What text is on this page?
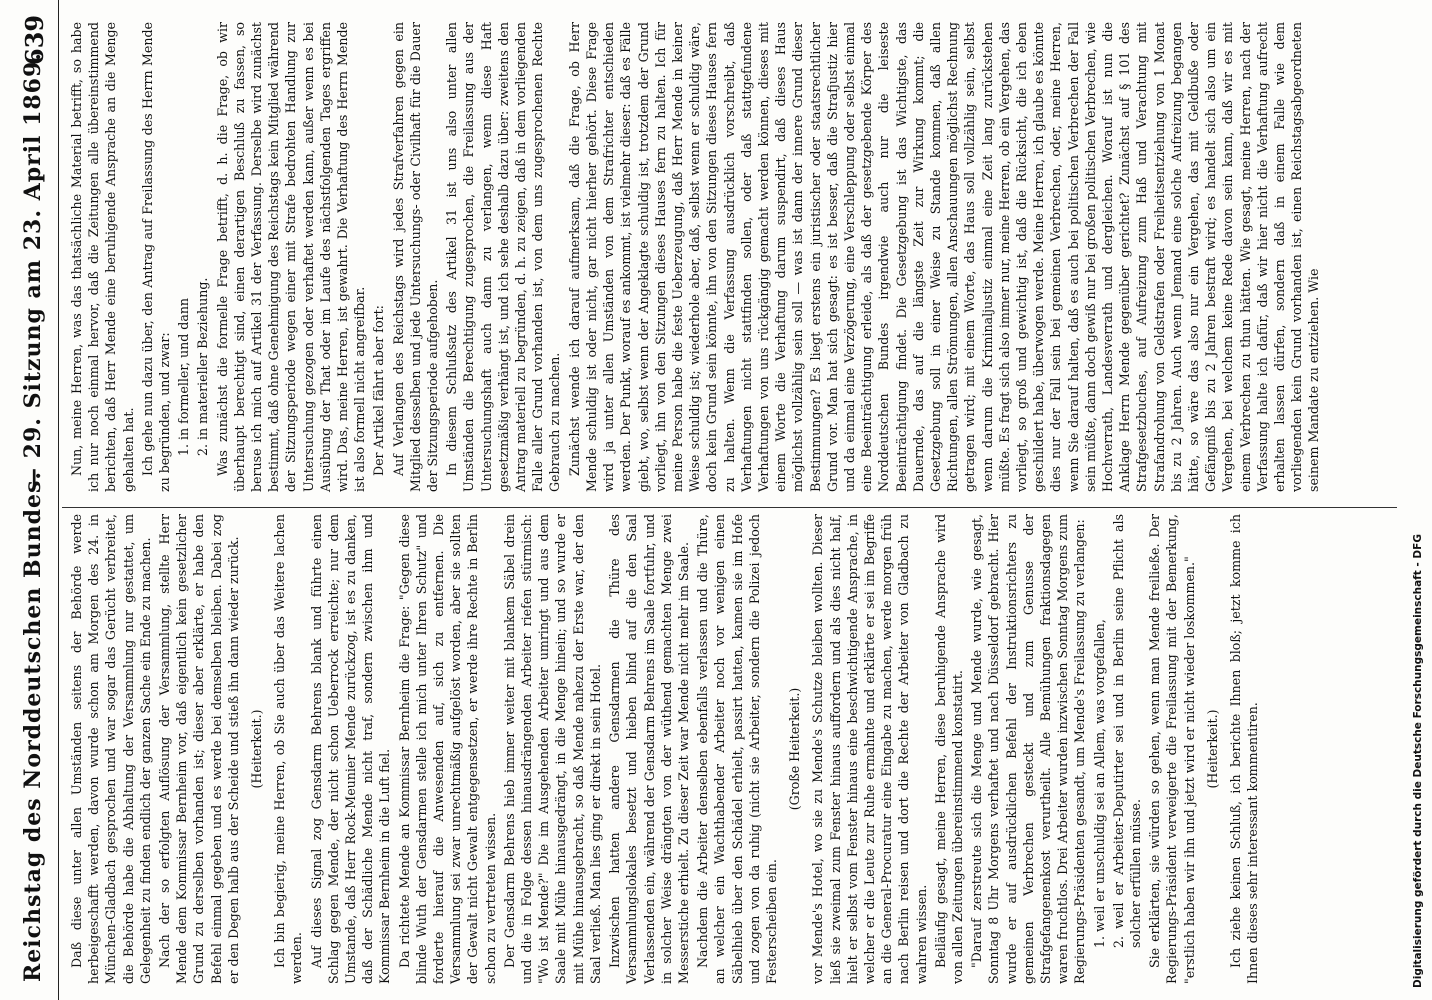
Reichstag des Norddeutschen Bundes.
— 29. Sitzung am 23. April 1869.
639

Daß diese unter allen Umständen seitens der Behörde werde herbeigeschafft werden, davon wurde schon am Morgen des 24. in München-Gladbach gesprochen und war sogar das Gerücht verbreitet, die Behörde habe die Abhaltung der Versammlung nur gestattet, um Gelegenheit zu finden endlich der ganzen Sache ein Ende zu machen. Nach der so erfolgten Auflösung der Versammlung, stellte Herr Mende dem Kommissar Bernheim vor, daß eigentlich kein gesetzlicher Grund zu derselben vorhanden ist; dieser aber erklärte, er habe den Befehl einmal gegeben und es werde bei demselben bleiben. Dabei zog er den Degen halb aus der Scheide und stieß ihn dann wieder zurück. (Heiterkeit.) Ich bin begierig, meine Herren, ob Sie auch über das Weitere lachen werden. Auf dieses Signal zog Gensdarm Behrens blank und führte einen Schlag gegen Mende, der nicht schon Ueberrock erreichte; nur dem Umstande, daß Herr Rock-Meunier Mende zurückzog, ist es zu danken, daß der Schädliche Mende nicht traf, sondern zwischen ihm und Kommissar Bernheim in die Luft fiel. Da richtete Mende an Kommissar Bernheim die Frage: "Gegen diese blinde Wuth der Gensdarmen stelle ich mich unter Ihren Schutz" und forderte hierauf die Anwesenden auf, sich zu entfernen. Die Versammlung sei zwar unrechtmäßig aufgelöst worden, aber sie sollten der Gewalt nicht Gewalt entgegensetzen, er werde ihre Rechte in Berlin schon zu vertreten wissen. Der Gensdarm Behrens hieb immer weiter mit blankem Säbel drein und die in Folge dessen hinausdrängenden Arbeiter riefen stürmisch: "Wo ist Mende?" Die im Ausgehenden Arbeiter umringt und aus dem Saale mit Mühe hinausgedrängt, in die Menge hinein; und so wurde er mit Mühe hinausgebracht, so daß Mende nahezu der Erste war, der den Saal verließ. Man lies ging er direkt in sein Hotel. Inzwischen hatten andere Gensdarmen die Thüre des Versammlungslokales besetzt und hieben blind auf die den Saal Verlassenden ein, während der Gensdarm Behrens im Saale fortfuhr, und in solcher Weise drängten von der wüthend gemachten Menge zwei Messerstiche erhielt. Zu dieser Zeit war Mende nicht mehr im Saale. Nachdem die Arbeiter denselben ebenfalls verlassen und die Thüre, an welcher ein Wachthabender Arbeiter noch vor wenigen einen Säbelhieb über den Schädel erhielt, passirt hatten, kamen sie im Hofe und zogen von da ruhig (nicht sie Arbeiter, sondern die Polizei jedoch Festerscheiben ein.

(Große Heiterkeit.) vor Mende's Hotel, wo sie zu Mende's Schutze bleiben wollten. Dieser ließ sie zweimal zum Fenster hinaus auffordern und als dies nicht half, hielt er selbst vom Fenster hinaus eine beschwichtigende Ansprache, in welcher er die Leute zur Ruhe ermahnte und erklärte er sei im Begriffe an die General-Procuratur eine Eingabe zu machen, werde morgen früh nach Berlin reisen und dort die Rechte der Arbeiter von Gladbach zu wahren wissen. Beiläufig gesagt, meine Herren, diese beruhigende Ansprache wird von allen Zeitungen übereinstimmend konstatirt. "Darauf zerstreute sich die Menge und Mende wurde, wie gesagt, Sonntag 8 Uhr Morgens verhaftet und nach Düsseldorf gebracht. Hier wurde er auf ausdrücklichen Befehl der Instruktionsrichters zu gemeinen Verbrechen gesteckt und zum Genusse der Strafgefangenenkost verurtheilt. Alle Bemühungen fraktionsdagegen waren fruchtlos. Drei Arbeiter wurden inzwischen Sonntag Morgens zum Regierungs-Präsidenten gesandt, um Mende's Freilassung zu verlangen: 1. weil er unschuldig sei an Allem, was vorgefallen, 2. weil er Arbeiter-Deputirter sei und in Berlin seine Pflicht als solcher erfüllen müsse. Sie erklärten, sie würden so gehen, wenn man Mende freiließe. Der Regierungs-Präsident verweigerte die Freilassung mit der Bemerkung, "erstlich haben wir ihn und jetzt wird er nicht wieder loskommen." (Heiterkeit.) Ich ziehe keinen Schluß, ich berichte Ihnen bloß; jetzt komme ich Ihnen dieses sehr interessant kommentiren.

Nun, meine Herren, was das thatsächliche Material betrifft, so habe ich nur noch einmal hervor, daß die Zeitungen alle übereinstimmend berichten, daß Herr Mende eine beruhigende Ansprache an die Menge gehalten hat. Ich gehe nun dazu über, den Antrag auf Freilassung des Herrn Mende zu begründen, und zwar: 1. in formeller, und dann 2. in materieller Beziehung. Was zunächst die formelle Frage betrifft, d. h. die Frage, ob wir überhaupt berechtigt sind, einen derartigen Beschluß zu fassen, so beruse ich mich auf Artikel 31 der Verfassung. Derselbe wird zunächst bestimmt, daß ohne Genehmigung des Reichstags kein Mitglied während der Sitzungsperiode wegen einer mit Strafe bedrohten Handlung zur Untersuchung gezogen oder verhaftet werden kann, außer wenn es bei Ausübung der That oder im Laufe des nächstfolgenden Tages ergriffen wird. Das, meine Herren, ist gewahrt. Die Verhaftung des Herrn Mende ist also formell nicht angreifbar. Der Artikel fährt aber fort: Auf Verlangen des Reichstags wird jedes Strafverfahren gegen ein Mitglied desselben und jede Untersuchungs- oder Civilhaft für die Dauer der Sitzungsperiode aufgehoben. In diesem Schlußsatz des Artikel 31 ist uns also unter allen Umständen die Berechtigung zugesprochen, die Freilassung aus der Untersuchungshaft auch dann zu verlangen, wenn diese Haft gesetzmäßig verhängt ist, und ich sehe deshalb dazu über: zweitens den Antrag materiell zu begründen, d. h. zu zeigen, daß in dem vorliegenden Falle aller Grund vorhanden ist, von dem uns zugesprochenen Rechte Gebrauch zu machen. Zunächst wende ich darauf aufmerksam, daß die Frage, ob Herr Mende schuldig ist oder nicht, gar nicht hierher gehört. Diese Frage wird ja unter allen Umständen von dem Strafrichter entschieden werden. Der Punkt, worauf es ankommt, ist vielmehr dieser: daß es Fälle giebt, wo, selbst wenn der Angeklagte schuldig ist, trotzdem der Grund vorliegt, ihn von den Sitzungen dieses Hauses fern zu halten. Ich für meine Person habe die feste Ueberzeugung, daß Herr Mende in keiner Weise schuldig ist; wiederhole aber, daß, selbst wenn er schuldig wäre, doch kein Grund sein könnte, ihn von den Sitzungen dieses Hauses fern zu halten. Wenn die Verfassung ausdrücklich vorschreibt, daß Verhaftungen nicht stattfinden sollen, oder daß stattgefundene Verhaftungen von uns rückgängig gemacht werden können, dieses mit einem Worte die Verhaftung darum suspendirt, daß dieses Haus möglichst vollzählig sein soll — was ist dann der innere Grund dieser Bestimmungen? Es liegt erstens ein juristischer oder staatsrechtlicher Grund vor. Man hat sich gesagt: es ist besser, daß die Strafjustiz hier und da einmal eine Verzögerung, eine Verschleppung oder selbst einmal eine Beeinträchtigung erleide, als daß der gesetzgebende Körper des Norddeutschen Bundes irgendwie auch nur die leiseste Beeinträchtigung findet. Die Gesetzgebung ist das Wichtigste, das Dauernde, das auf die längste Zeit zur Wirkung kommt; die Gesetzgebung soll in einer Weise zu Stande kommen, daß allen Richtungen, allen Strömungen, allen Anschauungen möglichst Rechnung getragen wird; mit einem Worte, das Haus soll vollzählig sein, selbst wenn darum die Kriminaljustiz einmal eine Zeit lang zurückstehen müßte. Es fragt sich also immer nur, meine Herren, ob ein Vergehen, das vorliegt, so groß und gewichtig ist, daß die Rücksicht, die ich eben geschildert habe, überwogen werde. Meine Herren, ich glaube es könnte dies nur der Fall sein bei gemeinen Verbrechen, oder, meine Herren, wenn Sie darauf halten, daß es auch bei politischen Verbrechen der Fall sein müßte, dann doch gewiß nur bei großen politischen Verbrechen, wie Hochverrath, Landesverrath und dergleichen. Worauf ist nun die Anklage Herrn Mende gegenüber gerichtet? Zunächst auf § 101 des Strafgesetzbuches, auf Aufreizung zum Haß und Verachtung mit Strafandrohung von Geldstrafen oder Freiheitsentziehung von 1 Monat bis zu 2 Jahren. Auch wenn Jemand eine solche Aufreizung begangen hätte, so wäre das also nur ein Vergehen, das mit Geldbuße oder Gefängniß bis zu 2 Jahren bestraft wird; es handelt sich also um ein Vergehen, bei welchem keine Rede davon sein kann, daß wir es mit einem Verbrechen zu thun hätten. Wie gesagt, meine Herren, nach der Verfassung halte ich dafür, daß wir hier nicht die Verhaftung aufrecht erhalten lassen dürfen, sondern daß in einem Falle wie dem vorliegenden kein Grund vorhanden ist, einen Reichstagsabgeordneten seinem Mandate zu entziehen. Wie

Digitalisierung gefördert durch die Deutsche Forschungsgemeinschaft - DFG
